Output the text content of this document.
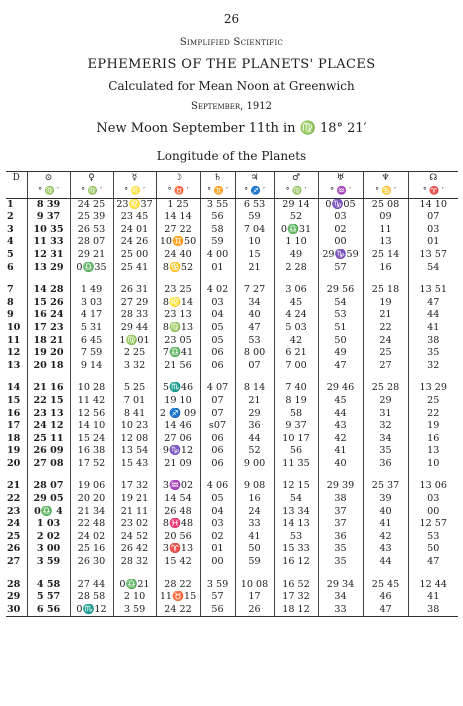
26
Simplified Scientific
EPHEMERIS OF THE PLANETS' PLACES
Calculated for Mean Noon at Greenwich
September, 1912
New Moon September 11th in ♍ 18° 21′
Longitude of the Planets
D	⊙	♀	☿	☽	♄	♃	♂	♅	♆	☊
	° ♍ ′	° ♍ ′	° ♌ ′	° ♉ ′	° ♊ ′	° ♐ ′	° ♍ ′	° ♒ ′	° ♋ ′	° ♈ ′
1	8 39	24 25	23♌37	1 25	3 55	6 53	29 14	0♑05	25 08	14 10
2	9 37	25 39	23 45	14 14	56	59	52	03	09	07
3	10 35	26 53	24 01	27 22	58	7 04	0♎31	02	11	03
4	11 33	28 07	24 26	10♊50	59	10	1 10	00	13	01
5	12 31	29 21	25 00	24 40	4 00	15	49	29♑59	25 14	13 57
6	13 29	0♎35	25 41	8♋52	01	21	2 28	57	16	54

7	14 28	1 49	26 31	23 25	4 02	7 27	3 06	29 56	25 18	13 51
8	15 26	3 03	27 29	8♌14	03	34	45	54	19	47
9	16 24	4 17	28 33	23 13	04	40	4 24	53	21	44
10	17 23	5 31	29 44	8♍13	05	47	5 03	51	22	41
11	18 21	6 45	1♍01	23 05	05	53	42	50	24	38
12	19 20	7 59	2 25	7♎41	06	8 00	6 21	49	25	35
13	20 18	9 14	3 32	21 56	06	07	7 00	47	27	32

14	21 16	10 28	5 25	5♏46	4 07	8 14	7 40	29 46	25 28	13 29
15	22 15	11 42	7 01	19 10	07	21	8 19	45	29	25
16	23 13	12 56	8 41	2 ♐ 09	07	29	58	44	31	22
17	24 12	14 10	10 23	14 46	s07	36	9 37	43	32	19
18	25 11	15 24	12 08	27 06	06	44	10 17	42	34	16
19	26 09	16 38	13 54	9♑12	06	52	56	41	35	13
20	27 08	17 52	15 43	21 09	06	9 00	11 35	40	36	10

21	28 07	19 06	17 32	3♒02	4 06	9 08	12 15	29 39	25 37	13 06
22	29 05	20 20	19 21	14 54	05	16	54	38	39	03
23	0♎ 4	21 34	21 11	26 48	04	24	13 34	37	40	00
24	1 03	22 48	23 02	8♓48	03	33	14 13	37	41	12 57
25	2 02	24 02	24 52	20 56	02	41	53	36	42	53
26	3 00	25 16	26 42	3♈13	01	50	15 33	35	43	50
27	3 59	26 30	28 32	15 42	00	59	16 12	35	44	47

28	4 58	27 44	0♎21	28 22	3 59	10 08	16 52	29 34	25 45	12 44
29	5 57	28 58	2 10	11♉15	57	17	17 32	34	46	41
30	6 56	0♏12	3 59	24 22	56	26	18 12	33	47	38
